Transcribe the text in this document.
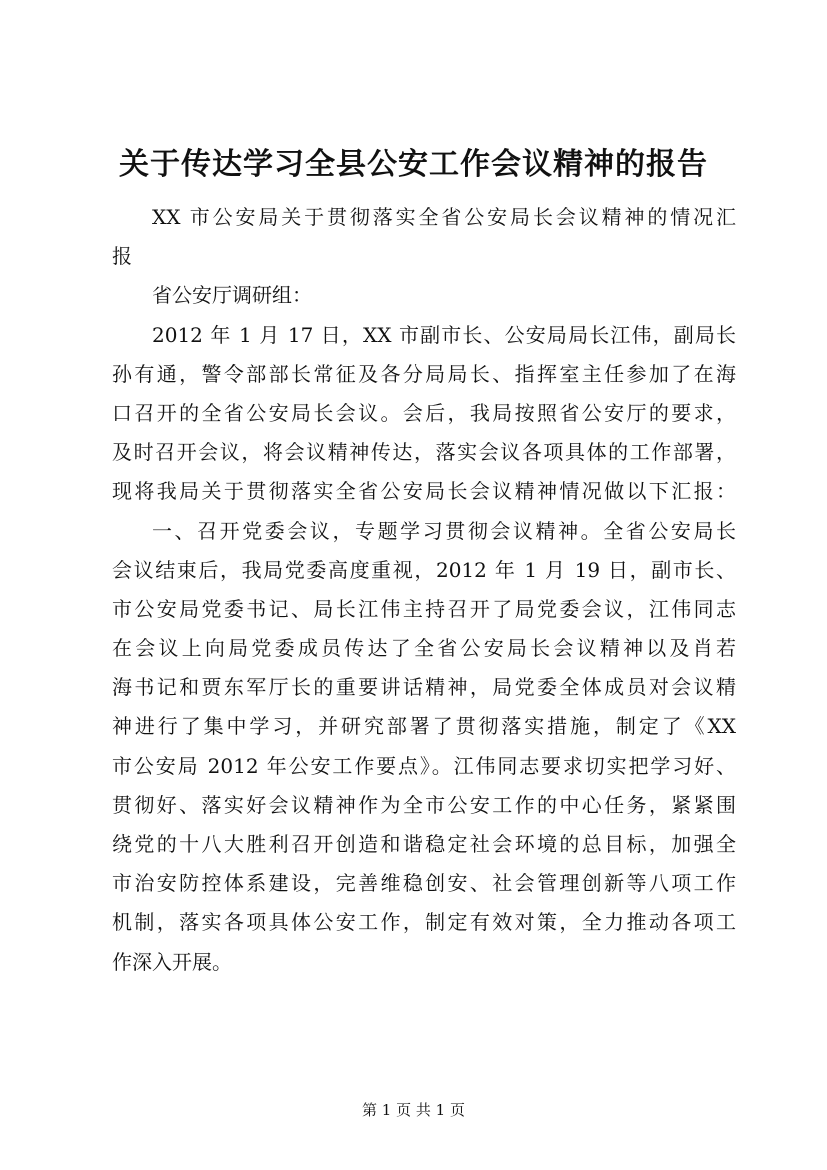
关于传达学习全县公安工作会议精神的报告
XX 市公安局关于贯彻落实全省公安局长会议精神的情况汇
报
省公安厅调研组：
2012 年 1 月 17 日，XX 市副市长、公安局局长江伟，副局长
孙有通，警令部部长常征及各分局局长、指挥室主任参加了在海
口召开的全省公安局长会议。会后，我局按照省公安厅的要求，
及时召开会议，将会议精神传达，落实会议各项具体的工作部署，
现将我局关于贯彻落实全省公安局长会议精神情况做以下汇报：
一、召开党委会议，专题学习贯彻会议精神。全省公安局长
会议结束后，我局党委高度重视，2012 年 1 月 19 日，副市长、
市公安局党委书记、局长江伟主持召开了局党委会议，江伟同志
在会议上向局党委成员传达了全省公安局长会议精神以及肖若
海书记和贾东军厅长的重要讲话精神，局党委全体成员对会议精
神进行了集中学习，并研究部署了贯彻落实措施，制定了《XX
市公安局 2012 年公安工作要点》。江伟同志要求切实把学习好、
贯彻好、落实好会议精神作为全市公安工作的中心任务，紧紧围
绕党的十八大胜利召开创造和谐稳定社会环境的总目标，加强全
市治安防控体系建设，完善维稳创安、社会管理创新等八项工作
机制，落实各项具体公安工作，制定有效对策，全力推动各项工
作深入开展。
第 1 页 共 1 页
